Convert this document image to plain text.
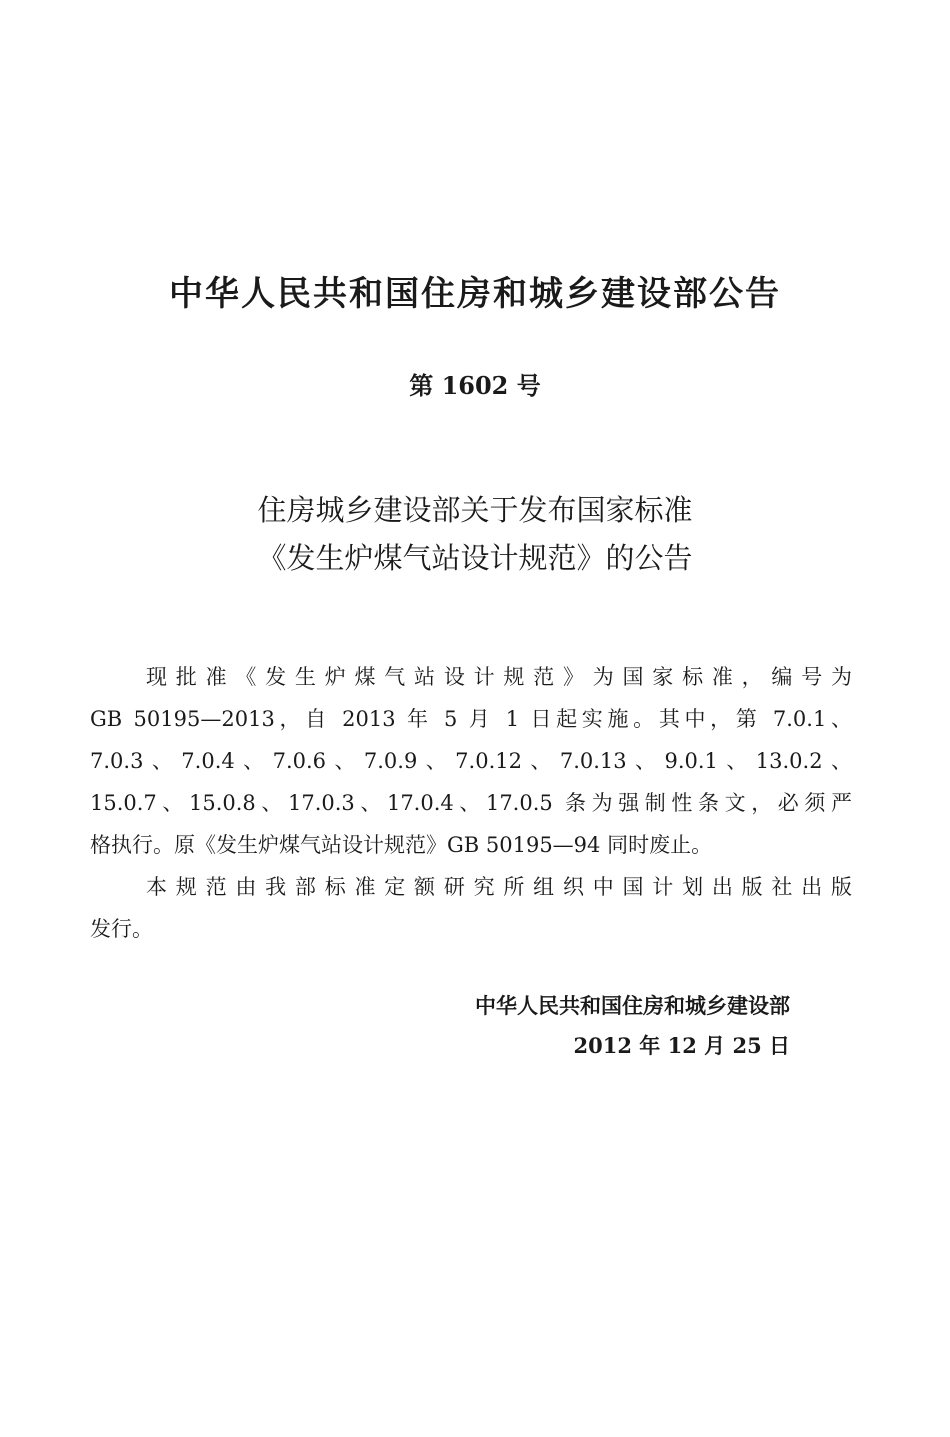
中华人民共和国住房和城乡建设部公告
第 1602 号
住房城乡建设部关于发布国家标准
《发生炉煤气站设计规范》的公告
现批准《发生炉煤气站设计规范》为国家标准，编号为
GB 50195—2013，自 2013 年 5 月 1 日起实施。其中，第 7.0.1、
7.0.3、7.0.4、7.0.6、7.0.9、7.0.12、7.0.13、9.0.1、13.0.2、
15.0.7、15.0.8、17.0.3、17.0.4、17.0.5 条为强制性条文，必须严
格执行。原《发生炉煤气站设计规范》GB 50195—94 同时废止。
本规范由我部标准定额研究所组织中国计划出版社出版
发行。
中华人民共和国住房和城乡建设部
2012 年 12 月 25 日
